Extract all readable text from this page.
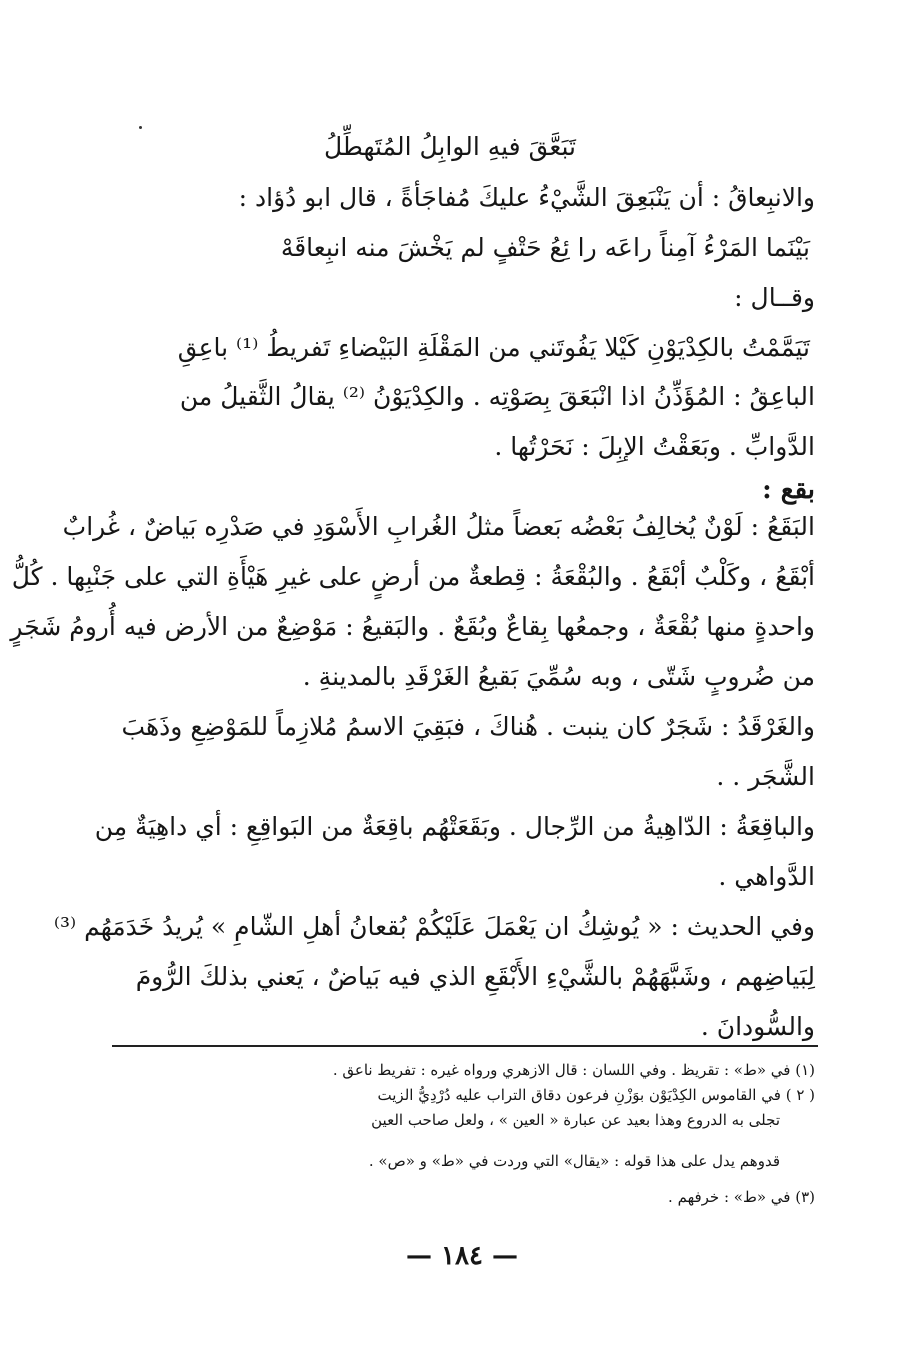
تَبَعَّقَ فيهِ الوابِلُ المُتَهطِّلُ
والانبِعاقُ : أن يَنْبَعِقَ الشَّيْءُ عليكَ مُفاجَأةً ، قال ابو دُؤاد :
بَيْنَما المَرْءُ آمِناً راعَه را ئِعُ حَتْفٍ لم يَخْشَ منه انبِعاقَهْ
وقــال :
تَيَمَّمْتُ بالكِدْيَوْنِ كَيْلا يَفُوتَني من المَقْلَةِ البَيْضاءِ تَفريطُ ⁽¹⁾ باعِقِ
الباعِقُ : المُؤَذِّنُ اذا انْبَعَقَ بِصَوْتِه . والكِدْيَوْنُ ⁽²⁾ يقالُ الثَّقيلُ من
الدَّوابِّ . وبَعَقْتُ الإبِلَ : نَحَرْتُها .
بقع :
البَقَعُ : لَوْنٌ يُخالِفُ بَعْضُه بَعضاً مثلُ الغُرابِ الأَسْوَدِ في صَدْرِه بَياضٌ ، غُرابٌ
أبْقَعُ ، وكَلْبٌ أبْقَعُ . والبُقْعَةُ : قِطعةٌ من أرضٍ على غيرِ هَيْأَةِ التي على جَنْبِها . كُلُّ
واحدةٍ منها بُقْعَةٌ ، وجمعُها بِقاعٌ وبُقَعٌ . والبَقيعُ : مَوْضِعٌ من الأرض فيه أُرومُ شَجَرٍ
من ضُروبٍ شَتّى ، وبه سُمِّيَ بَقيعُ الغَرْقَدِ بالمدينةِ .
والغَرْقَدُ : شَجَرٌ كان ينبت . هُناكَ ، فبَقِيَ الاسمُ مُلازِماً للمَوْضِعِ وذَهَبَ
الشَّجَر . .
والباقِعَةُ : الدّاهِيةُ من الرِّجال . وبَقَعَتْهُم باقِعَةٌ من البَواقِعِ : أي داهِيَةٌ مِن
الدَّواهي .
وفي الحديث : « يُوشِكُ ان يَعْمَلَ عَلَيْكُمْ بُقعانُ أهلِ الشّامِ » يُريدُ خَدَمَهُم ⁽³⁾
لِبَياضِهم ، وشَبَّهَهُمْ بالشَّيْءِ الأَبْقَعِ الذي فيه بَياضٌ ، يَعني بذلكَ الرُّومَ
والسُّودانَ .
(١) في «ط» : تقريظ . وفي اللسان : قال الازهري ورواه غيره : تفريط ناعق .
( ٢ ) في القاموس الكِدْيَوْن بوَزْنِ فرعون دقاق التراب عليه دُرْدِيُّ الزيت
تجلى به الدروع وهذا بعيد عن عبارة « العين » ، ولعل صاحب العين
قدوهم يدل على هذا قوله : «يقال» التي وردت في «ط» و «ص» .
(٣) في «ط» : خرفهم .
— ١٨٤ —
